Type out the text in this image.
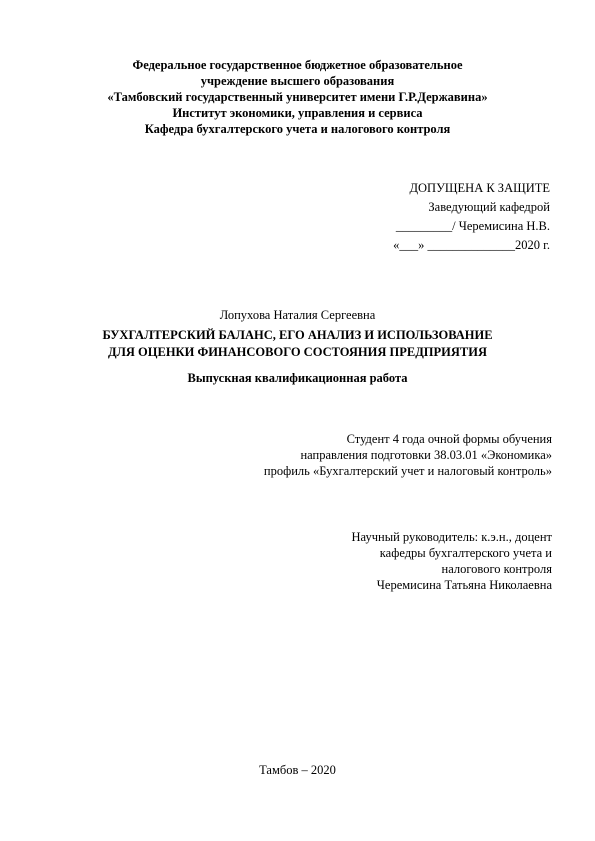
Федеральное государственное бюджетное образовательное
учреждение высшего образования
«Тамбовский государственный университет имени Г.Р.Державина»
Институт экономики, управления и сервиса
Кафедра бухгалтерского учета и налогового контроля
ДОПУЩЕНА К ЗАЩИТЕ
Заведующий кафедрой
_________/ Черемисина Н.В.
«___» ______________2020 г.
Лопухова Наталия Сергеевна
БУХГАЛТЕРСКИЙ БАЛАНС, ЕГО АНАЛИЗ И ИСПОЛЬЗОВАНИЕ
ДЛЯ ОЦЕНКИ ФИНАНСОВОГО СОСТОЯНИЯ ПРЕДПРИЯТИЯ
Выпускная квалификационная работа
Студент 4 года очной формы обучения
направления подготовки 38.03.01 «Экономика»
профиль «Бухгалтерский учет и налоговый контроль»
Научный руководитель: к.э.н., доцент
кафедры бухгалтерского учета и
налогового контроля
Черемисина Татьяна Николаевна
Тамбов – 2020
